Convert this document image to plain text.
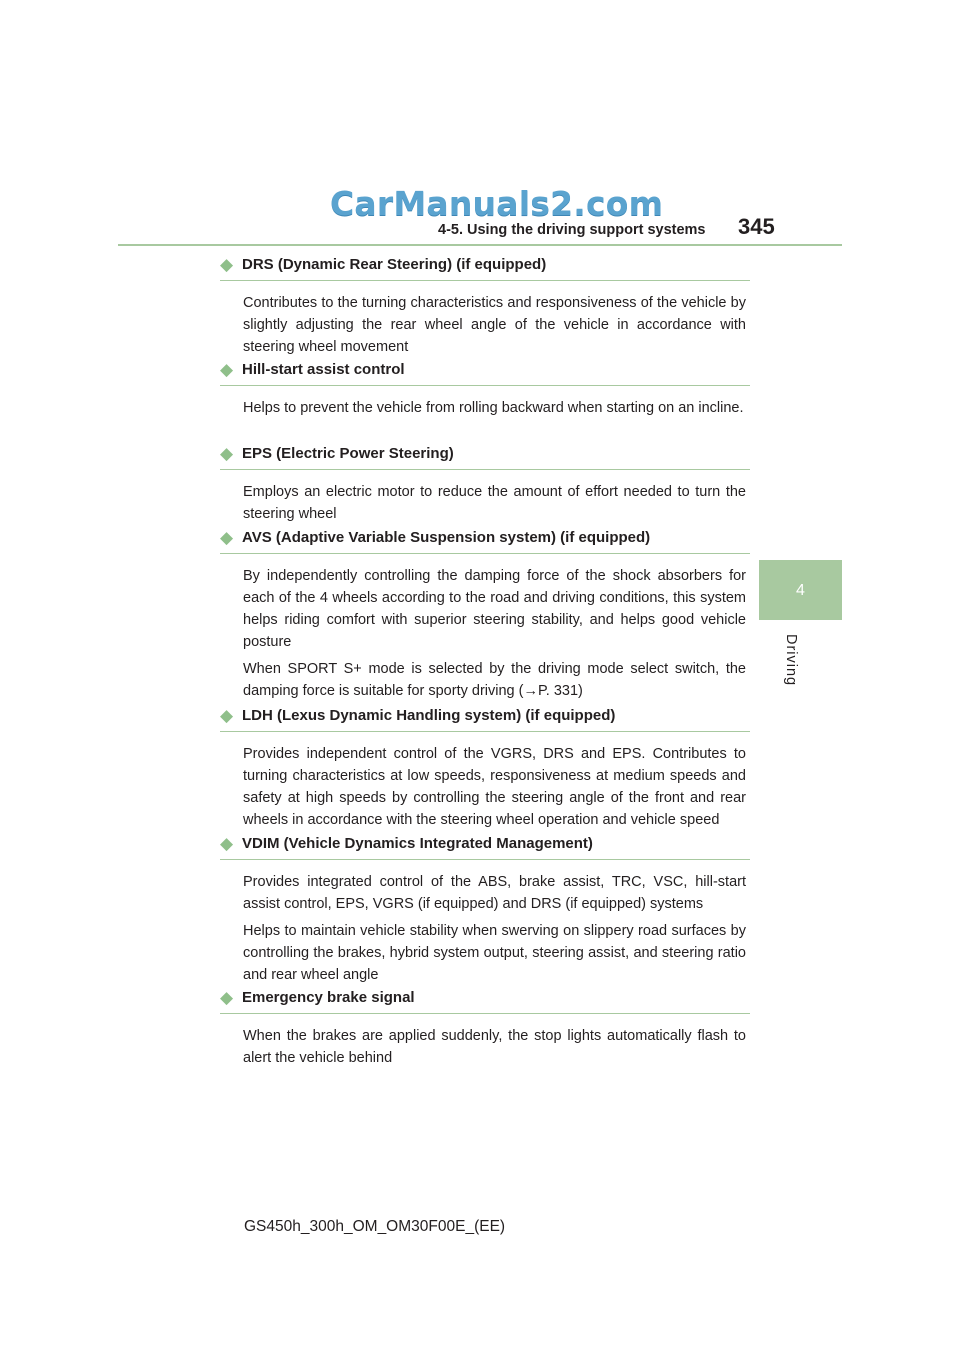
CarManuals2.com
4-5. Using the driving support systems 345
4
Driving
◆ DRS (Dynamic Rear Steering) (if equipped)
Contributes to the turning characteristics and responsiveness of the vehicle by slightly adjusting the rear wheel angle of the vehicle in accordance with steering wheel movement
◆ Hill-start assist control
Helps to prevent the vehicle from rolling backward when starting on an incline.
◆ EPS (Electric Power Steering)
Employs an electric motor to reduce the amount of effort needed to turn the steering wheel
◆ AVS (Adaptive Variable Suspension system) (if equipped)
By independently controlling the damping force of the shock absorbers for each of the 4 wheels according to the road and driving conditions, this system helps riding comfort with superior steering stability, and helps good vehicle posture
When SPORT S+ mode is selected by the driving mode select switch, the damping force is suitable for sporty driving (→P. 331)
◆ LDH (Lexus Dynamic Handling system) (if equipped)
Provides independent control of the VGRS, DRS and EPS. Contributes to turning characteristics at low speeds, responsiveness at medium speeds and safety at high speeds by controlling the steering angle of the front and rear wheels in accordance with the steering wheel operation and vehicle speed
◆ VDIM (Vehicle Dynamics Integrated Management)
Provides integrated control of the ABS, brake assist, TRC, VSC, hill-start assist control, EPS, VGRS (if equipped) and DRS (if equipped) systems
Helps to maintain vehicle stability when swerving on slippery road surfaces by controlling the brakes, hybrid system output, steering assist, and steering ratio and rear wheel angle
◆ Emergency brake signal
When the brakes are applied suddenly, the stop lights automatically flash to alert the vehicle behind
GS450h_300h_OM_OM30F00E_(EE)
